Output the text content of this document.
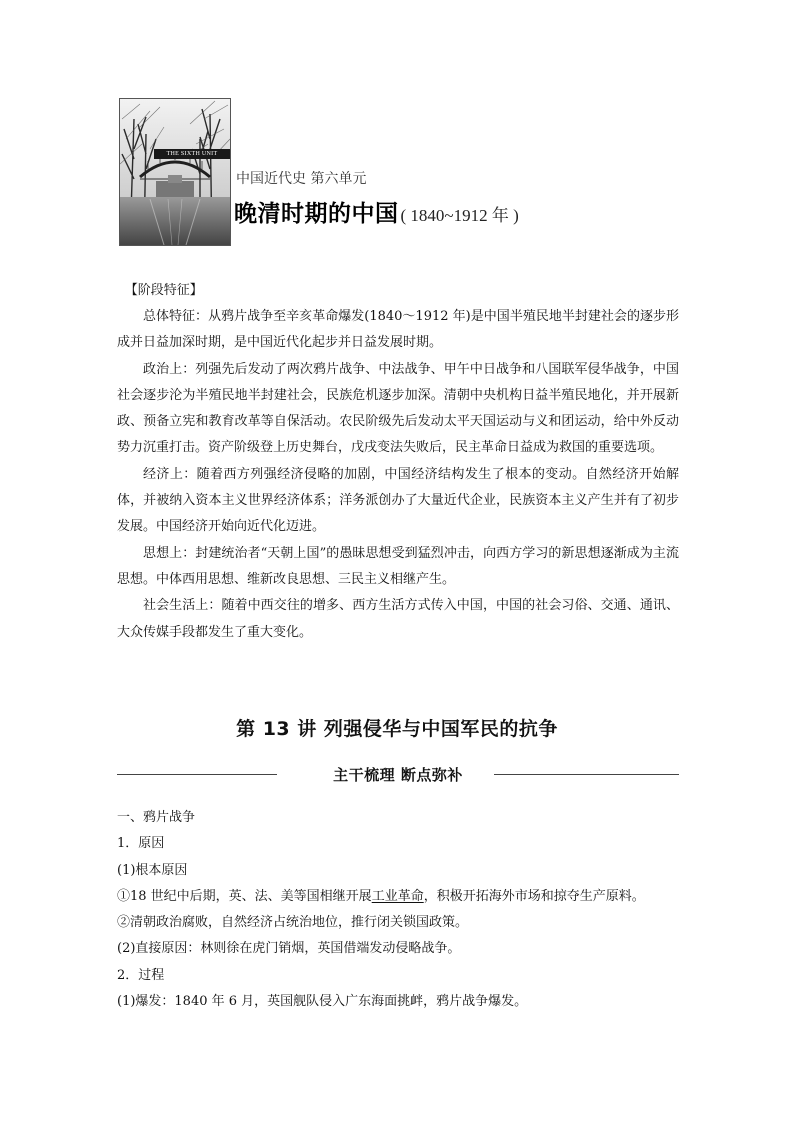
THE SIXTH UNIT
中国近代史 第六单元
晚清时期的中国 ( 1840~1912 年 )

【阶段特征】

总体特征：从鸦片战争至辛亥革命爆发(1840～1912 年)是中国半殖民地半封建社会的逐步形成并日益加深时期，是中国近代化起步并日益发展时期。

政治上：列强先后发动了两次鸦片战争、中法战争、甲午中日战争和八国联军侵华战争，中国社会逐步沦为半殖民地半封建社会，民族危机逐步加深。清朝中央机构日益半殖民地化，并开展新政、预备立宪和教育改革等自保活动。农民阶级先后发动太平天国运动与义和团运动，给中外反动势力沉重打击。资产阶级登上历史舞台，戊戌变法失败后，民主革命日益成为救国的重要选项。

经济上：随着西方列强经济侵略的加剧，中国经济结构发生了根本的变动。自然经济开始解体，并被纳入资本主义世界经济体系；洋务派创办了大量近代企业，民族资本主义产生并有了初步发展。中国经济开始向近代化迈进。

思想上：封建统治者“天朝上国”的愚昧思想受到猛烈冲击，向西方学习的新思想逐渐成为主流思想。中体西用思想、维新改良思想、三民主义相继产生。

社会生活上：随着中西交往的增多、西方生活方式传入中国，中国的社会习俗、交通、通讯、大众传媒手段都发生了重大变化。

第 13 讲 列强侵华与中国军民的抗争
主干梳理 断点弥补

一、鸦片战争

1．原因

(1)根本原因

①18 世纪中后期，英、法、美等国相继开展工业革命，积极开拓海外市场和掠夺生产原料。

②清朝政治腐败，自然经济占统治地位，推行闭关锁国政策。

(2)直接原因：林则徐在虎门销烟，英国借端发动侵略战争。

2．过程

(1)爆发：1840 年 6 月，英国舰队侵入广东海面挑衅，鸦片战争爆发。
